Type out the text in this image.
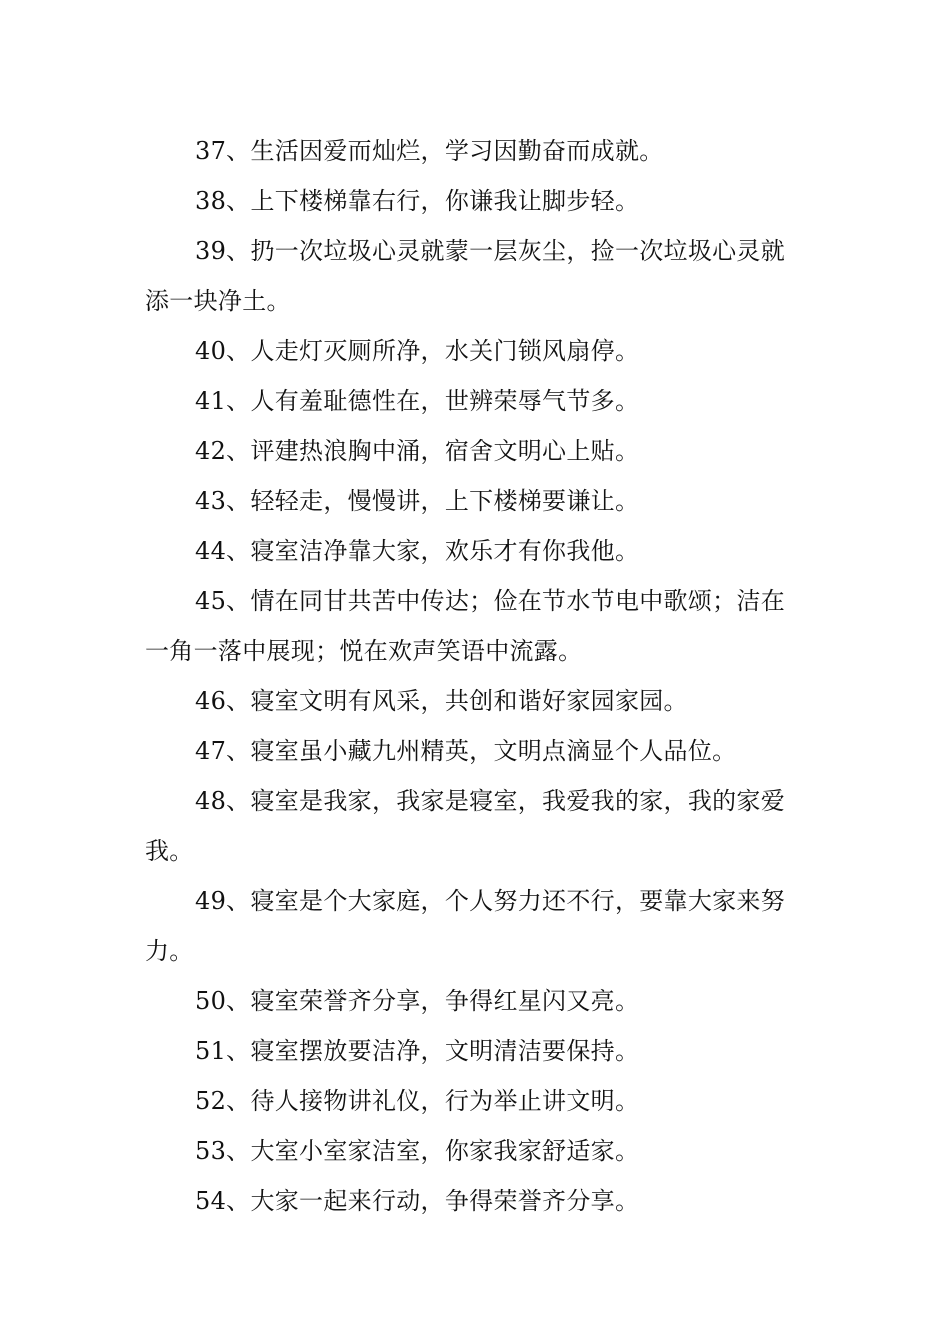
37、生活因爱而灿烂，学习因勤奋而成就。

38、上下楼梯靠右行，你谦我让脚步轻。

39、扔一次垃圾心灵就蒙一层灰尘，捡一次垃圾心灵就添一块净土。

40、人走灯灭厕所净，水关门锁风扇停。

41、人有羞耻德性在，世辨荣辱气节多。

42、评建热浪胸中涌，宿舍文明心上贴。

43、轻轻走，慢慢讲，上下楼梯要谦让。

44、寝室洁净靠大家，欢乐才有你我他。

45、情在同甘共苦中传达；俭在节水节电中歌颂；洁在一角一落中展现；悦在欢声笑语中流露。

46、寝室文明有风采，共创和谐好家园家园。

47、寝室虽小藏九州精英，文明点滴显个人品位。

48、寝室是我家，我家是寝室，我爱我的家，我的家爱我。

49、寝室是个大家庭，个人努力还不行，要靠大家来努力。

50、寝室荣誉齐分享，争得红星闪又亮。

51、寝室摆放要洁净，文明清洁要保持。

52、待人接物讲礼仪，行为举止讲文明。

53、大室小室家洁室，你家我家舒适家。

54、大家一起来行动，争得荣誉齐分享。
